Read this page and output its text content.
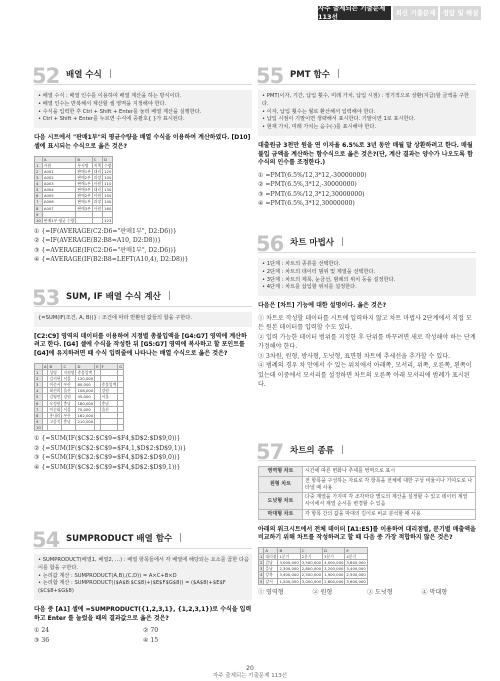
자주 출제되는 기출문제 113선
최신 기출문제	정답 및 해설
52 배열 수식
• 배열 수식 : 배열 인수를 이용하여 배열 계산을 하는 방식이다.
• 배열 인수는 반복해서 계산할 셀 영역을 지정해야 한다.
• 수식을 입력한 후 Ctrl + Shift + Enter를 눌러 배열 계산을 실행한다.
• Ctrl + Shift + Enter를 누르면 수식에 중괄호{ }가 표시된다.
다음 시트에서 "판매1부"의 평균수량을 배열 수식을 이용하여 계산하였다. [D10] 셀에 표시되는 수식으로 옳은 것은?
	A	B	C	D
1	사원	부서명	직책	수량
2	A001	판매1부	대리	120
3	A002	판매2부	과장	100
4	A003	판매1부	사원	110
5	A004	판매3부	대리	130
6	A005	판매2부	사원	150
7	A006	판매1부	과장	140
8	A007	판매3부	사원	160
9				
10	판매1부 평균 수량			123
① {=IF(AVERAGE(C2:D6="판매1부", D2:D6))}
② {=IF(AVERAGE(B2:B8=A10, D2:D8))}
③ {=AVERAGE(IF(C2:D6="판매1부", D2:D6))}
④ {=AVERAGE(IF(B2:B8=LEFT(A10,4), D2:D8))}
53 SUM, IF 배열 수식 계산
{=SUM(IF(조건, A, B))} : 조건에 따라 반환된 값들의 합을 구한다.
[C2:C9] 영역의 데이터를 이용하여 지정별 총불입액을 [G4:G7] 영역에 계산하려고 한다. [G4] 셀에 수식을 작성한 뒤 [G5:G7] 영역에 복사하고 할 포인트를 [G4]에 유지하려면 때 수식 입력줄에 나타나는 배열 수식으로 옳은 것은?
	A	B	C	D	E	F	G
1		성명	지점명	총불입액			
2		김지현	서울	120,000			
3		이준서	부산	80,000		총불입액	
4		최진희	울산	108,000		강원	
5		김영민	강원	35,000		서울	
6		오정현	충남	180,000		충남	
7		이순화	서울	75,000		울산	
8		홍내리	부산	162,000			
9		고종석	충남	210,000			
10							
① {=SUM(IF($C$2:$C$9=$F4,$D$2:$D$9,0))}
② {=SUM(IF($C$2:$C$9=$F4,1,$D$2:$D$9,1))}
③ {=SUM(IF($C$2:$C$9=$F4,$D$2:$D$9,0))}
④ {=SUM(IF($C$2:$C$9=$F4,$D$2:$D$9,1))}
54 SUMPRODUCT 배열 함수
• SUMPRODUCT(배열1, 배열2, …) : 배열 항목들에서 각 배열에 해당되는 요소를 곱한 다음 이를 합을 구한다.
• 논리값 계산 : SUMPRODUCT(A,B),(C,D)) = A×C+B×D
• 논리합 계산 : SUMPRODUCT(($A$8:$C$8)+($E$F$G$8)) = ($A$8)+$E$F ($C$8+$G$8)
다음 중 [A1] 셀에 =SUMPRODUCT({1,2,3,1}, {1,2,3,1})로 수식을 입력하고 Enter 를 눌렀을 때의 결과값으로 옳은 것은?
① 24	② 70
③ 36	④ 15
55 PMT 함수
• PMT(이자, 기간, 납입 횟수, 미래 가치, 납입 시점) : 정기적으로 상환(지급)할 금액을 구한다.
• 이자, 납입 횟수는 월로 환산해서 입력해야 한다.
• 납입 시점이 기말이면 생략해서 표시한다. 기말이면 1로 표시한다.
• 현재 가치, 미래 가치는 음수(-)를 표시해야 한다.
대출원금 3천만 원을 연 이자율 6.5%로 3년 동안 매월 말 상환하려고 한다. 매월 불입 금액을 계산하는 함수식으로 옳은 것은?(단, 계산 결과는 양수가 나오도록 함수식의 인수를 조정한다.)
① =PMT(6.5%/12,3*12,-30000000)
② =PMT(6.5%,3*12,-30000000)
③ =PMT(6.5%/12,3*12,30000000)
④ =PMT(6.5%,3*12,30000000)
56 차트 마법사
• 1단계 : 차트의 종류를 선택한다.
• 2단계 : 차트의 데이터 범위 및 계열을 선택한다.
• 3단계 : 차트의 제목, 눈금선, 범례의 위치 등을 설정한다.
• 4단계 : 차트를 삽입할 위치를 설정한다.
다음은 [차트] 기능에 대한 설명이다. 옳은 것은?
① 차트로 작성할 데이터를 시트에 입력하지 않고 차트 마법사 2단계에서 직접 모든 원본 데이터를 입력할 수도 있다.
② 입력 가능한 데이터 범위를 지정한 후 단위를 바꾸려면 새로 작성해야 하는 단계 가정해야 한다.
③ 3차원, 원형, 방사형, 도넛형, 표면형 차트에 추세선을 추가할 수 있다.
④ 범례의 경우 차 안에서 수 있는 위치에서 아래쪽, 모서리, 위쪽, 오른쪽, 왼쪽이 있는데 이중에서 모서리를 설정하면 차트의 오른쪽 아래 모서리에 범례가 표시된다.
57 차트의 종류
영역형 차트	시간에 따른 변화나 추세를 영역으로 표시
원형 차트	전 항목을 구성하는 자료로 각 항목을 전체에 대한 구성 비율이나 기여도로 나타낼 때 사용
도넛형 차트	다중 계열을 가지며 각 조각마다 별도의 계산을 설정할 수 있고 데이터 계열 사이에서 계열 순서를 변경할 수 있음
막대형 차트	각 항목 간의 값을 막대의 길이로 비교 분석할 때 사용
아래의 워크시트에서 전체 데이터 [A1:E5]를 이용하여 대리점별, 분기별 매출액을 비교하기 위해 차트를 작성하려고 할 때 다음 중 가장 적합하지 않은 것은?
	A	B	C	D	E
1	대리점	1분기	2분기	3분기	4분기
2	갑남	3,000,000	3,500,000	4,000,000	3,800,000
3	을남	2,300,000	2,800,000	3,200,000	3,400,000
4	강북	3,400,000	2,500,000	1,900,000	2,500,000
5	강서	1,500,000	3,000,000	2,800,000	3,600,000
① 영역형	② 원형	③ 도넛형	④ 막대형
20
자주 출제되는 기출문제 113선
